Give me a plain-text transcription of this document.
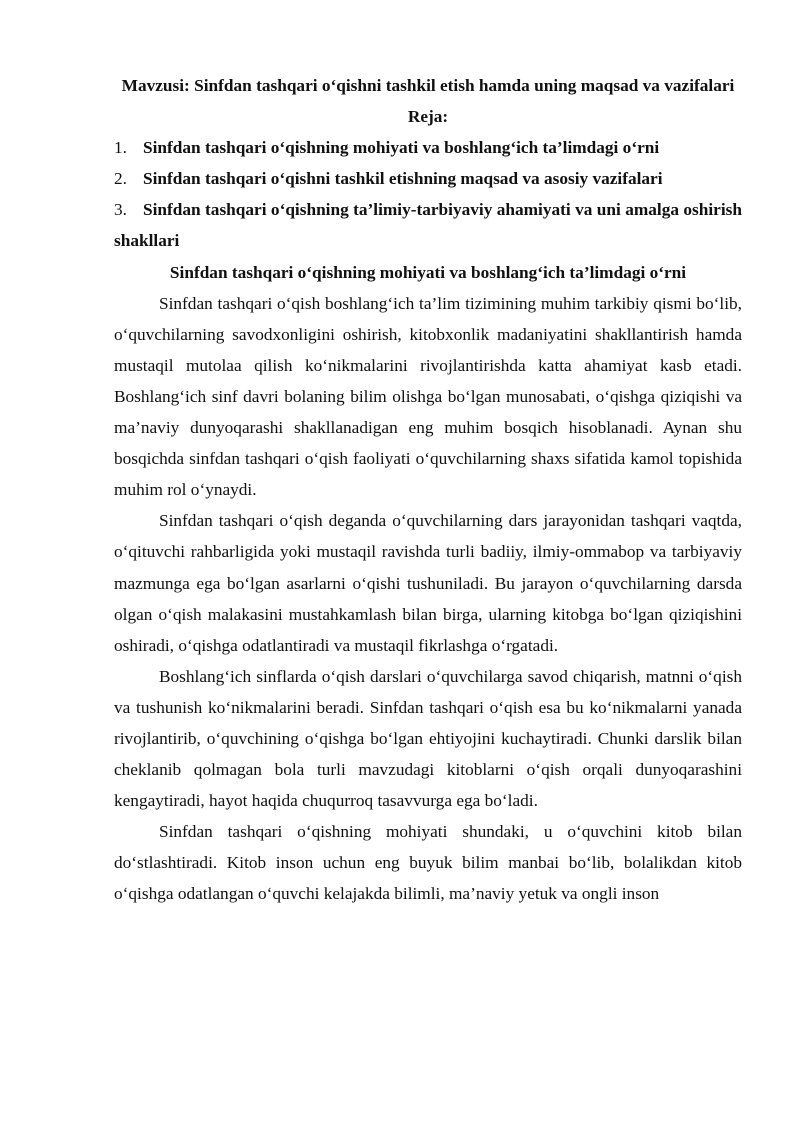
Mavzusi: Sinfdan tashqari o‘qishni tashkil etish hamda uning maqsad va vazifalari

Reja:

1. Sinfdan tashqari o‘qishning mohiyati va boshlang‘ich ta’limdagi o‘rni
2. Sinfdan tashqari o‘qishni tashkil etishning maqsad va asosiy vazifalari
3. Sinfdan tashqari o‘qishning ta’limiy-tarbiyaviy ahamiyati va uni amalga oshirish shakllari

Sinfdan tashqari o‘qishning mohiyati va boshlang‘ich ta’limdagi o‘rni

Sinfdan tashqari o‘qish boshlang‘ich ta’lim tizimining muhim tarkibiy qismi bo‘lib, o‘quvchilarning savodxonligini oshirish, kitobxonlik madaniyatini shakllantirish hamda mustaqil mutolaa qilish ko‘nikmalarini rivojlantirishda katta ahamiyat kasb etadi. Boshlang‘ich sinf davri bolaning bilim olishga bo‘lgan munosabati, o‘qishga qiziqishi va ma’naviy dunyoqarashi shakllanadigan eng muhim bosqich hisoblanadi. Aynan shu bosqichda sinfdan tashqari o‘qish faoliyati o‘quvchilarning shaxs sifatida kamol topishida muhim rol o‘ynaydi.

Sinfdan tashqari o‘qish deganda o‘quvchilarning dars jarayonidan tashqari vaqtda, o‘qituvchi rahbarligida yoki mustaqil ravishda turli badiiy, ilmiy-ommabop va tarbiyaviy mazmunga ega bo‘lgan asarlarni o‘qishi tushuniladi. Bu jarayon o‘quvchilarning darsda olgan o‘qish malakasini mustahkamlash bilan birga, ularning kitobga bo‘lgan qiziqishini oshiradi, o‘qishga odatlantiradi va mustaqil fikrlashga o‘rgatadi.

Boshlang‘ich sinflarda o‘qish darslari o‘quvchilarga savod chiqarish, matnni o‘qish va tushunish ko‘nikmalarini beradi. Sinfdan tashqari o‘qish esa bu ko‘nikmalarni yanada rivojlantirib, o‘quvchining o‘qishga bo‘lgan ehtiyojini kuchaytiradi. Chunki darslik bilan cheklanib qolmagan bola turli mavzudagi kitoblarni o‘qish orqali dunyoqarashini kengaytiradi, hayot haqida chuqurroq tasavvurga ega bo‘ladi.

Sinfdan tashqari o‘qishning mohiyati shundaki, u o‘quvchini kitob bilan do‘stlashtiradi. Kitob inson uchun eng buyuk bilim manbai bo‘lib, bolalikdan kitob o‘qishga odatlangan o‘quvchi kelajakda bilimli, ma’naviy yetuk va ongli inson
